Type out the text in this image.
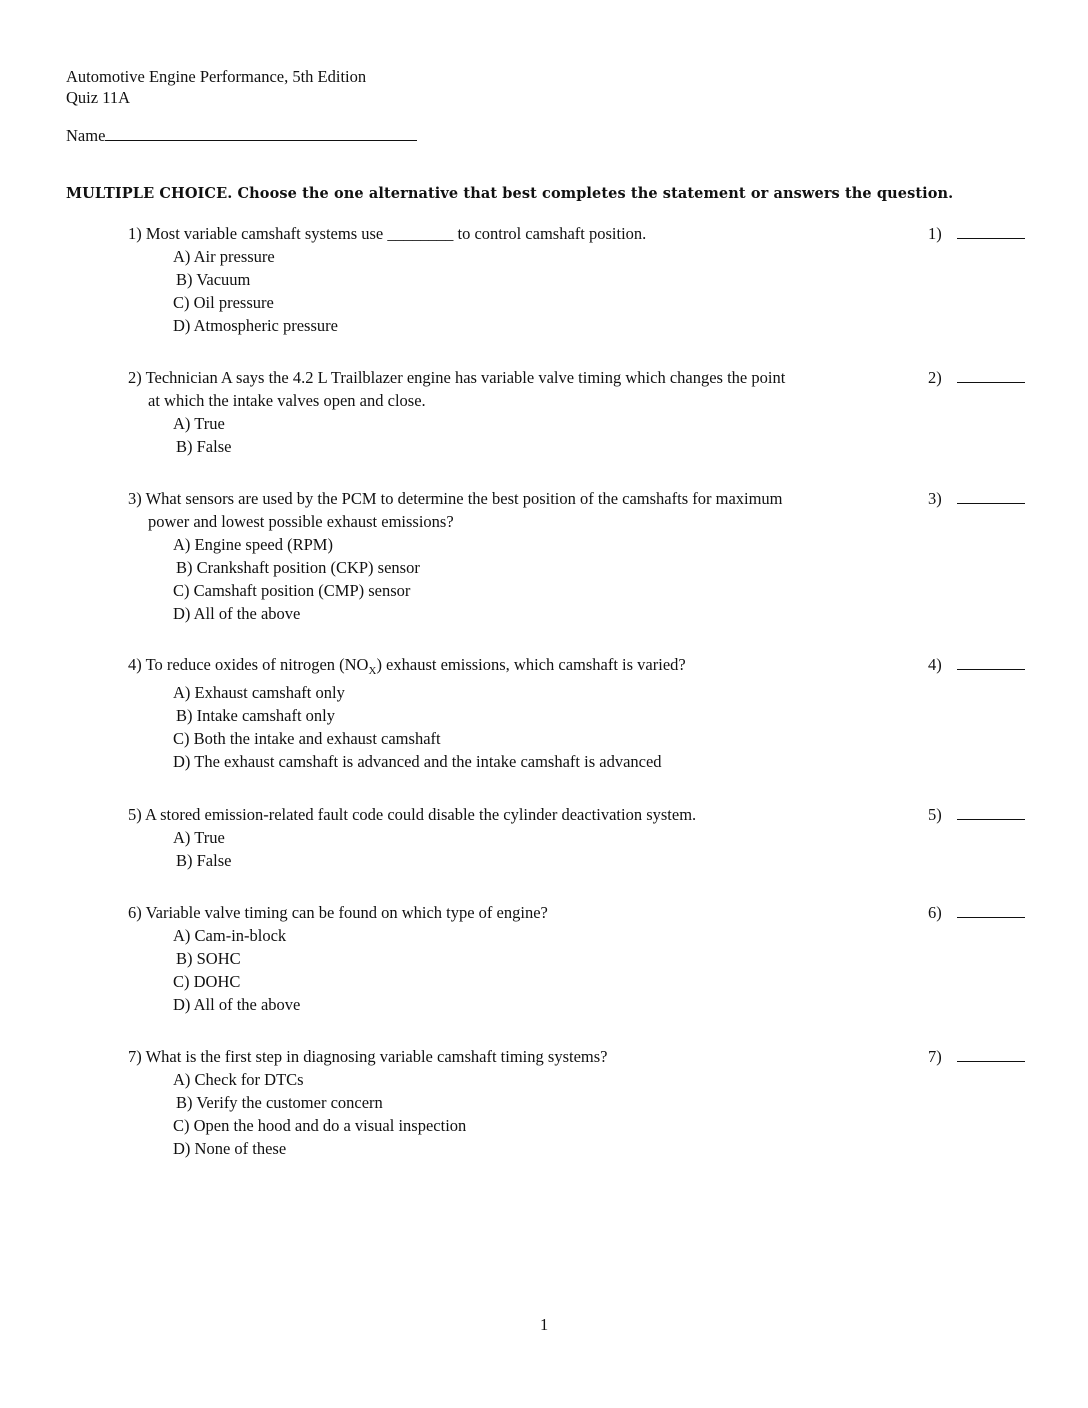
Automotive Engine Performance, 5th Edition
Quiz 11A
Name
MULTIPLE CHOICE. Choose the one alternative that best completes the statement or answers the question.
1) Most variable camshaft systems use ________ to control camshaft position.
A) Air pressure
B) Vacuum
C) Oil pressure
D) Atmospheric pressure
1)
2) Technician A says the 4.2 L Trailblazer engine has variable valve timing which changes the point
at which the intake valves open and close.
A) True
B) False
2)
3) What sensors are used by the PCM to determine the best position of the camshafts for maximum
power and lowest possible exhaust emissions?
A) Engine speed (RPM)
B) Crankshaft position (CKP) sensor
C) Camshaft position (CMP) sensor
D) All of the above
3)
4) To reduce oxides of nitrogen $(NO_X)$ exhaust emissions, which camshaft is varied?
A) Exhaust camshaft only
B) Intake camshaft only
C) Both the intake and exhaust camshaft
D) The exhaust camshaft is advanced and the intake camshaft is advanced
4)
5) A stored emission-related fault code could disable the cylinder deactivation system.
A) True
B) False
5)
6) Variable valve timing can be found on which type of engine?
A) Cam-in-block
B) SOHC
C) DOHC
D) All of the above
6)
7) What is the first step in diagnosing variable camshaft timing systems?
A) Check for DTCs
B) Verify the customer concern
C) Open the hood and do a visual inspection
D) None of these
7)
1
